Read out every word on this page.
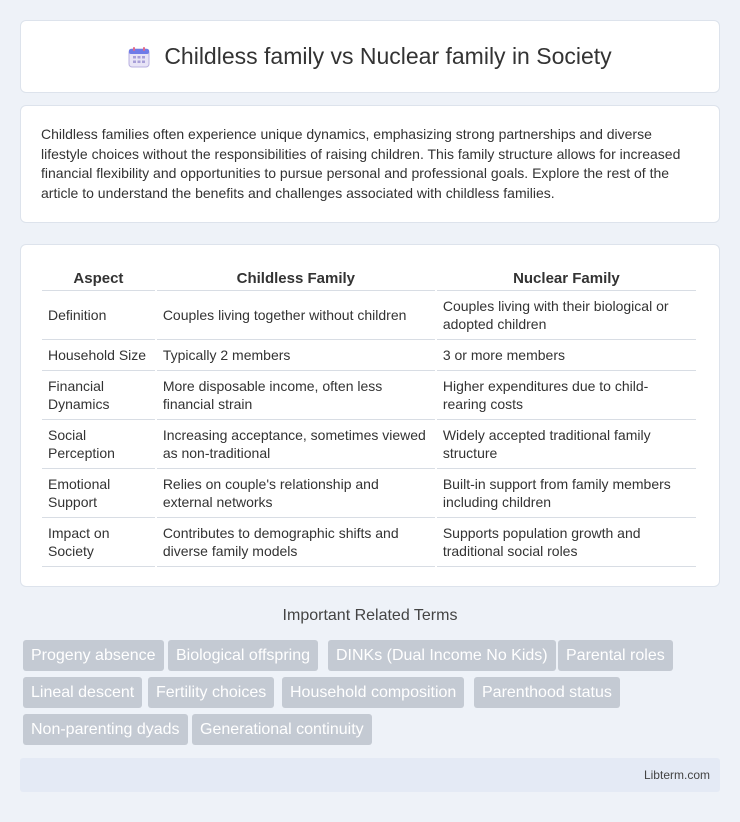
Childless family vs Nuclear family in Society

Childless families often experience unique dynamics, emphasizing strong partnerships and diverse lifestyle choices without the responsibilities of raising children. This family structure allows for increased financial flexibility and opportunities to pursue personal and professional goals. Explore the rest of the article to understand the benefits and challenges associated with childless families.

Aspect	Childless Family	Nuclear Family
Definition	Couples living together without children	Couples living with their biological or adopted children
Household Size	Typically 2 members	3 or more members
Financial Dynamics	More disposable income, often less financial strain	Higher expenditures due to child-rearing costs
Social Perception	Increasing acceptance, sometimes viewed as non-traditional	Widely accepted traditional family structure
Emotional Support	Relies on couple's relationship and external networks	Built-in support from family members including children
Impact on Society	Contributes to demographic shifts and diverse family models	Supports population growth and traditional social roles
Important Related Terms
Progeny absence	Biological offspring	DINKs (Dual Income No Kids)	Parental roles
Lineal descent	Fertility choices	Household composition	Parenthood status
Non-parenting dyads	Generational continuity
Libterm.com
